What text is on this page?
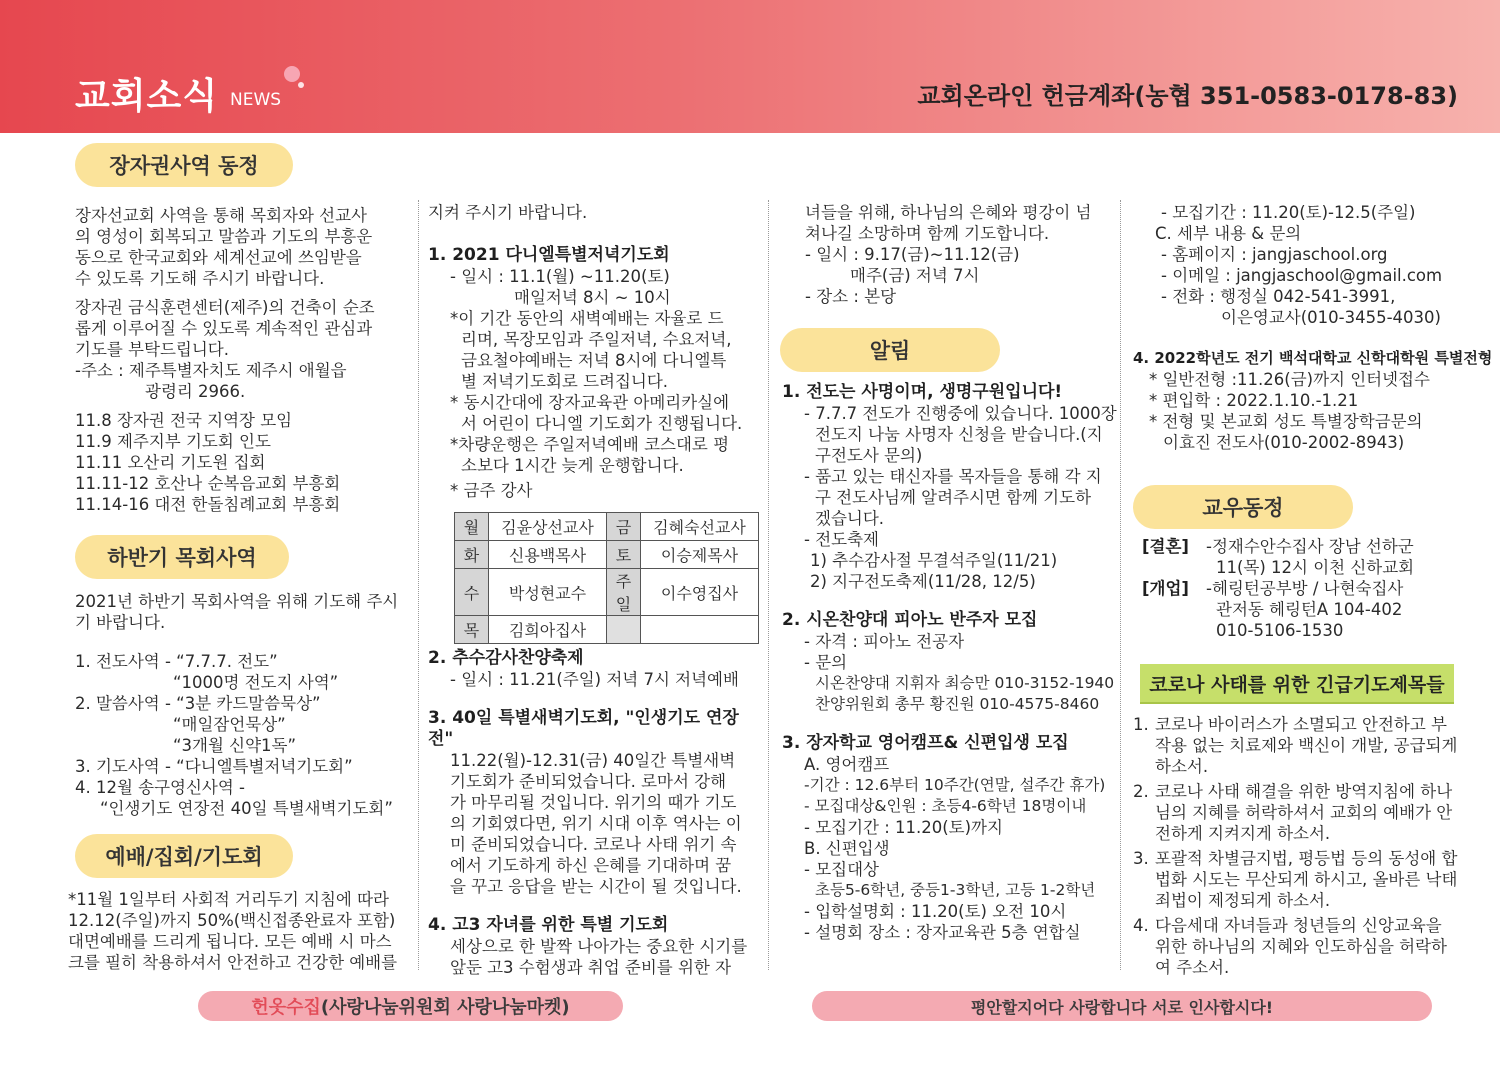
교회소식 NEWS	교회온라인 헌금계좌(농협 351-0583-0178-83)
장자권사역 동정

장자선교회 사역을 통해 목회자와 선교사

의 영성이 회복되고 말씀과 기도의 부흥운

동으로 한국교회와 세계선교에 쓰임받을

수 있도록 기도해 주시기 바랍니다.

장자권 금식훈련센터(제주)의 건축이 순조

롭게 이루어질 수 있도록 계속적인 관심과

기도를 부탁드립니다.

-주소 : 제주특별자치도 제주시 애월읍

광령리 2966.

11.8 장자권 전국 지역장 모임

11.9 제주지부 기도회 인도

11.11 오산리 기도원 집회

11.11-12 호산나 순복음교회 부흥회

11.14-16 대전 한돌침례교회 부흥회

하반기 목회사역

2021년 하반기 목회사역을 위해 기도해 주시

기 바랍니다.

1. 전도사역 - “7.7.7. 전도”

“1000명 전도지 사역”

2. 말씀사역 - “3분 카드말씀묵상”

“매일잠언묵상”

“3개월 신약1독”

3. 기도사역 - “다니엘특별저녁기도회”

4. 12월 송구영신사역 -

“인생기도 연장전 40일 특별새벽기도회”

예배/집회/기도회

*11월 1일부터 사회적 거리두기 지침에 따라

12.12(주일)까지 50%(백신접종완료자 포함)

대면예배를 드리게 됩니다. 모든 예배 시 마스

크를 필히 착용하셔서 안전하고 건강한 예배를

지켜 주시기 바랍니다.

1. 2021 다니엘특별저녁기도회

- 일시 : 11.1(월) ~11.20(토)

매일저녁 8시 ~ 10시

*이 기간 동안의 새벽예배는 자율로 드

리며, 목장모임과 주일저녁, 수요저녁,

금요철야예배는 저녁 8시에 다니엘특

별 저녁기도회로 드려집니다.

* 동시간대에 장자교육관 아메리카실에

서 어린이 다니엘 기도회가 진행됩니다.

*차량운행은 주일저녁예배 코스대로 평

소보다 1시간 늦게 운행합니다.

* 금주 강사

월	김윤상선교사	금	김혜숙선교사
화	신용백목사	토	이승제목사
수	박성현교수	주일	이수영집사
목	김희아집사		

2. 추수감사찬양축제

- 일시 : 11.21(주일) 저녁 7시 저녁예배

3. 40일 특별새벽기도회, "인생기도 연장전"

11.22(월)-12.31(금) 40일간 특별새벽

기도회가 준비되었습니다. 로마서 강해

가 마무리될 것입니다. 위기의 때가 기도

의 기회였다면, 위기 시대 이후 역사는 이

미 준비되었습니다. 코로나 사태 위기 속

에서 기도하게 하신 은혜를 기대하며 꿈

을 꾸고 응답을 받는 시간이 될 것입니다.

4. 고3 자녀를 위한 특별 기도회

세상으로 한 발짝 나아가는 중요한 시기를

앞둔 고3 수험생과 취업 준비를 위한 자

녀들을 위해, 하나님의 은혜와 평강이 넘

쳐나길 소망하며 함께 기도합니다.

- 일시 : 9.17(금)~11.12(금)

매주(금) 저녁 7시

- 장소 : 본당

알림

1. 전도는 사명이며, 생명구원입니다!

- 7.7.7 전도가 진행중에 있습니다. 1000장

전도지 나눔 사명자 신청을 받습니다.(지

구전도사 문의)

- 품고 있는 태신자를 목자들을 통해 각 지

구 전도사님께 알려주시면 함께 기도하

겠습니다.

- 전도축제

1) 추수감사절 무결석주일(11/21)

2) 지구전도축제(11/28, 12/5)

2. 시온찬양대 피아노 반주자 모집

- 자격 : 피아노 전공자

- 문의

시온찬양대 지휘자 최승만 010-3152-1940

찬양위원회 총무 황진원 010-4575-8460

3. 장자학교 영어캠프& 신편입생 모집

A. 영어캠프

-기간 : 12.6부터 10주간(연말, 설주간 휴가)

- 모집대상&인원 : 초등4-6학년 18명이내

- 모집기간 : 11.20(토)까지

B. 신편입생

- 모집대상

초등5-6학년, 중등1-3학년, 고등 1-2학년

- 입학설명회 : 11.20(토) 오전 10시

- 설명회 장소 : 장자교육관 5층 연합실

- 모집기간 : 11.20(토)-12.5(주일)

C. 세부 내용 & 문의

- 홈페이지 : jangjaschool.org

- 이메일 : jangjaschool@gmail.com

- 전화 : 행정실 042-541-3991,

이은영교사(010-3455-4030)

4. 2022학년도 전기 백석대학교 신학대학원 특별전형

* 일반전형 :11.26(금)까지 인터넷접수

* 편입학 : 2022.1.10.-1.21

* 전형 및 본교회 성도 특별장학금문의

이효진 전도사(010-2002-8943)

교우동정
[결혼]	-정재수안수집사 장남 선하군

11(목) 12시 이천 신하교회

[개업]	-헤링턴공부방 / 나현숙집사

관저동 헤링턴A 104-402

010-5106-1530

코로나 사태를 위한 긴급기도제목들
1. 코로나 바이러스가 소멸되고 안전하고 부

작용 없는 치료제와 백신이 개발, 공급되게

하소서.

2. 코로나 사태 해결을 위한 방역지침에 하나

님의 지혜를 허락하셔서 교회의 예배가 안

전하게 지켜지게 하소서.

3. 포괄적 차별금지법, 평등법 등의 동성애 합

법화 시도는 무산되게 하시고, 올바른 낙태

죄법이 제정되게 하소서.

4. 다음세대 자녀들과 청년들의 신앙교육을

위한 하나님의 지혜와 인도하심을 허락하

여 주소서.

헌옷수집 (사랑나눔위원회 사랑나눔마켓)	평안할지어다 사랑합니다 서로 인사합시다!
